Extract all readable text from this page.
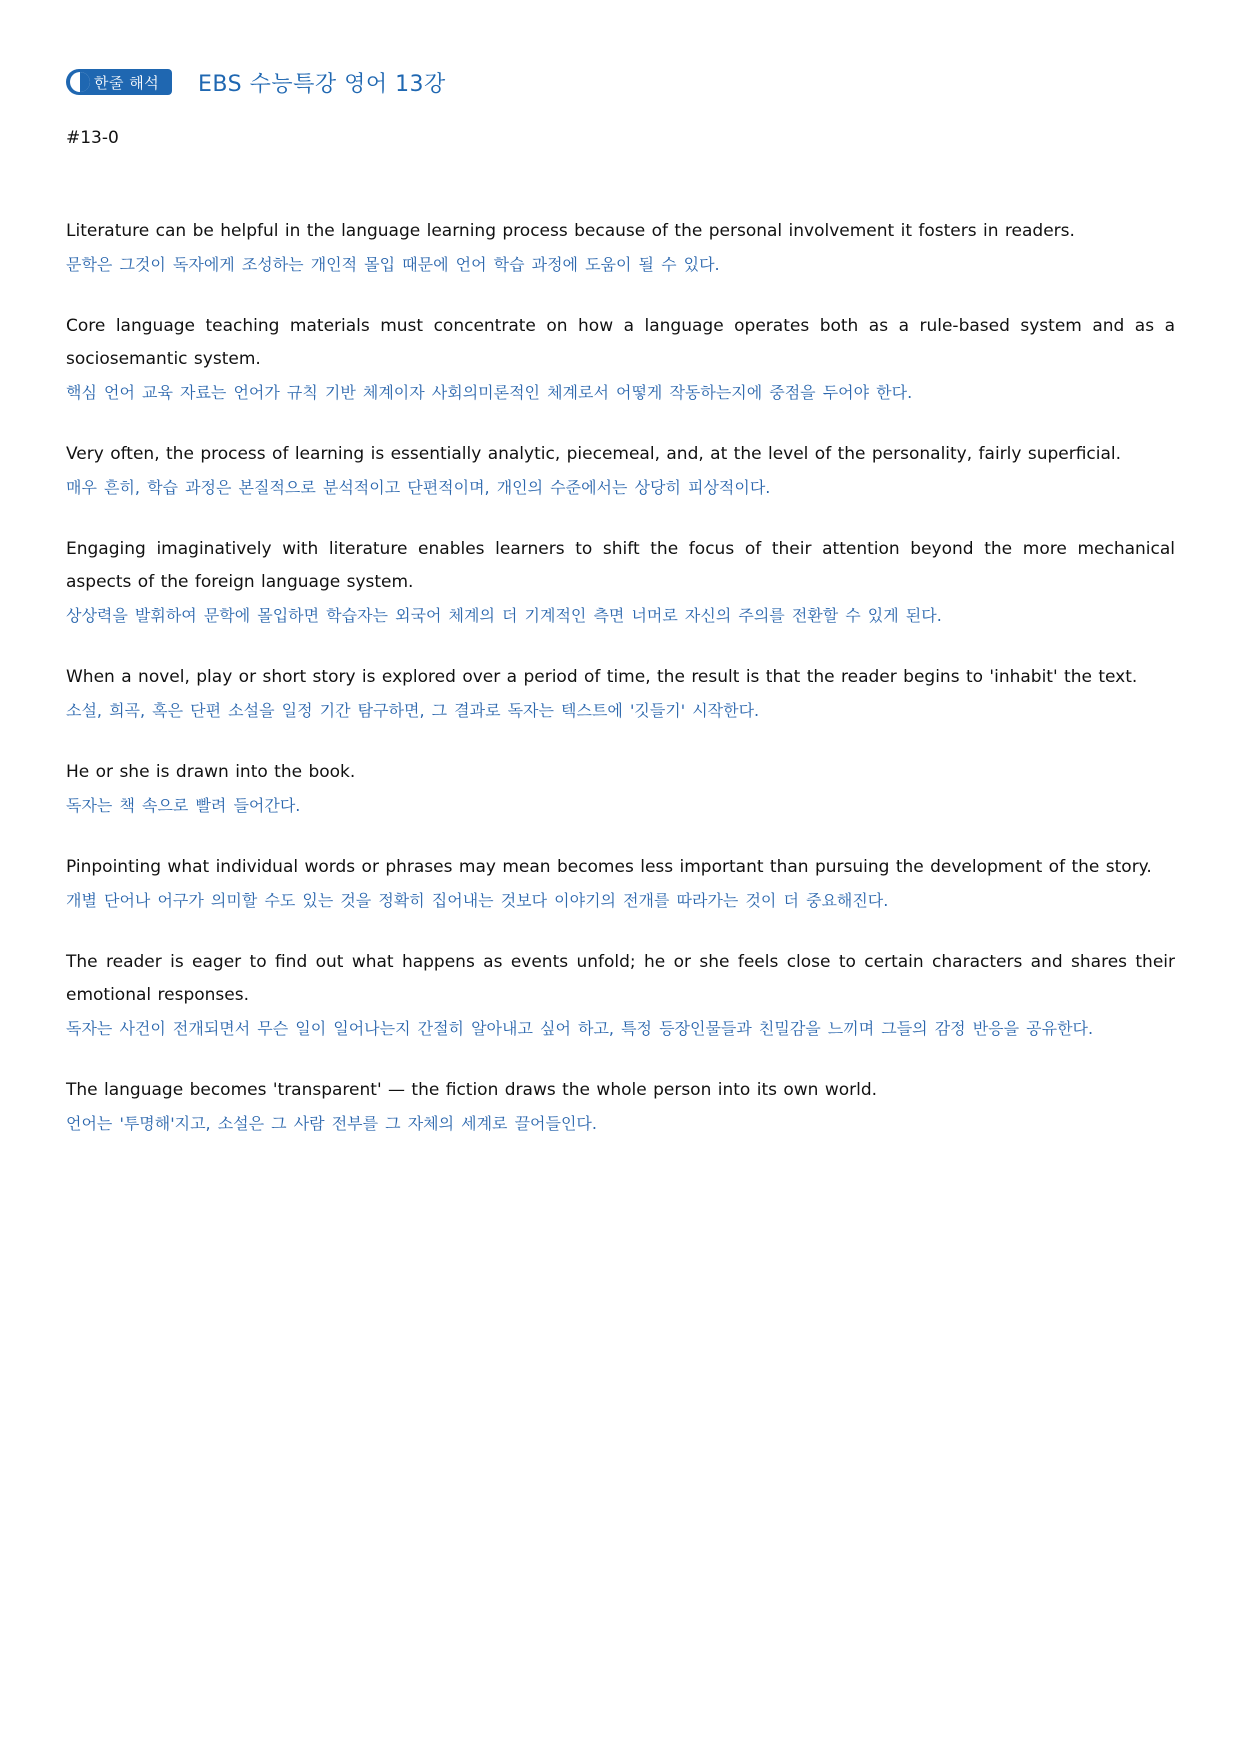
한줄 해석 EBS 수능특강 영어 13강
#13-0
Literature can be helpful in the language learning process because of the personal involvement it fosters in readers.
문학은 그것이 독자에게 조성하는 개인적 몰입 때문에 언어 학습 과정에 도움이 될 수 있다.
Core language teaching materials must concentrate on how a language operates both as a rule-based system and as a sociosemantic system.
핵심 언어 교육 자료는 언어가 규칙 기반 체계이자 사회의미론적인 체계로서 어떻게 작동하는지에 중점을 두어야 한다.
Very often, the process of learning is essentially analytic, piecemeal, and, at the level of the personality, fairly superficial.
매우 흔히, 학습 과정은 본질적으로 분석적이고 단편적이며, 개인의 수준에서는 상당히 피상적이다.
Engaging imaginatively with literature enables learners to shift the focus of their attention beyond the more mechanical aspects of the foreign language system.
상상력을 발휘하여 문학에 몰입하면 학습자는 외국어 체계의 더 기계적인 측면 너머로 자신의 주의를 전환할 수 있게 된다.
When a novel, play or short story is explored over a period of time, the result is that the reader begins to 'inhabit' the text.
소설, 희곡, 혹은 단편 소설을 일정 기간 탐구하면, 그 결과로 독자는 텍스트에 '깃들기' 시작한다.
He or she is drawn into the book.
독자는 책 속으로 빨려 들어간다.
Pinpointing what individual words or phrases may mean becomes less important than pursuing the development of the story.
개별 단어나 어구가 의미할 수도 있는 것을 정확히 집어내는 것보다 이야기의 전개를 따라가는 것이 더 중요해진다.
The reader is eager to find out what happens as events unfold; he or she feels close to certain characters and shares their emotional responses.
독자는 사건이 전개되면서 무슨 일이 일어나는지 간절히 알아내고 싶어 하고, 특정 등장인물들과 친밀감을 느끼며 그들의 감정 반응을 공유한다.
The language becomes 'transparent' — the fiction draws the whole person into its own world.
언어는 '투명해'지고, 소설은 그 사람 전부를 그 자체의 세계로 끌어들인다.
